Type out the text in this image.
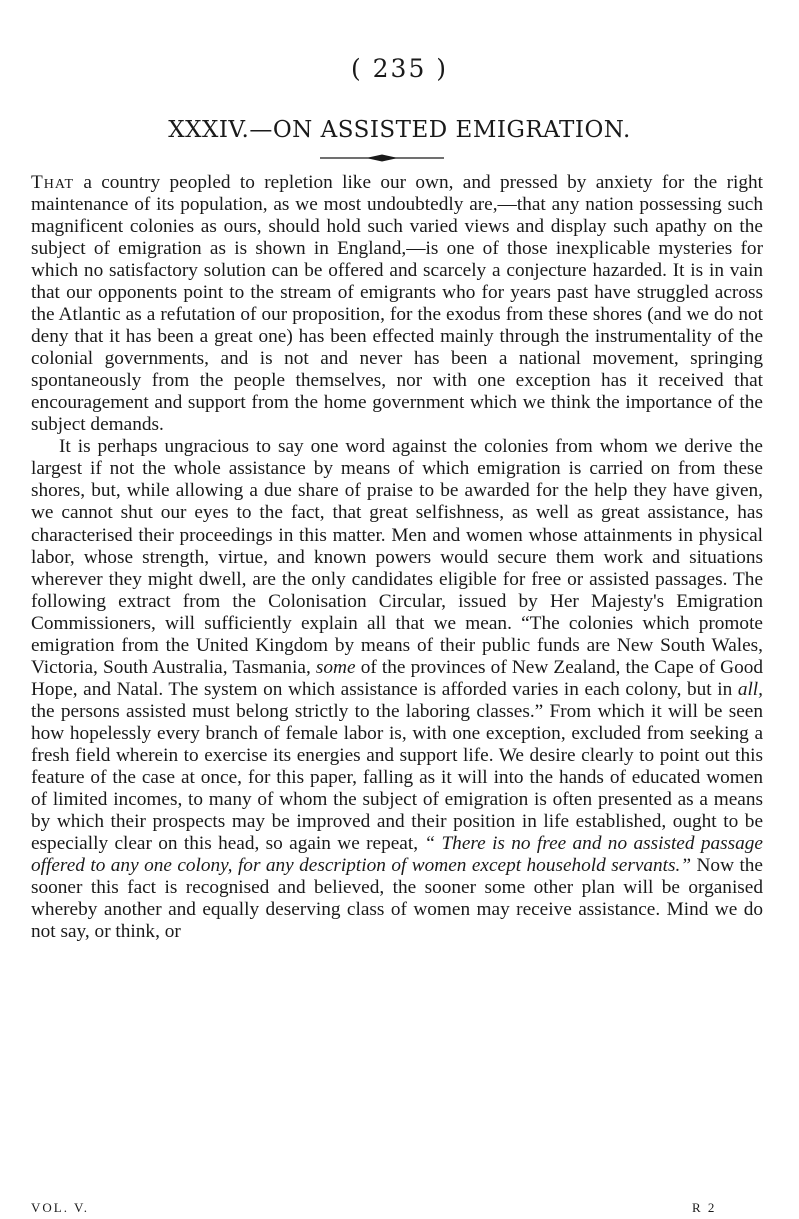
( 235 )
XXXIV.—ON ASSISTED EMIGRATION.

That a country peopled to repletion like our own, and pressed by anxiety for the right maintenance of its population, as we most undoubtedly are,—that any nation possessing such magnificent colonies as ours, should hold such varied views and display such apathy on the subject of emigration as is shown in England,—is one of those inexplicable mysteries for which no satisfactory solution can be offered and scarcely a conjecture hazarded. It is in vain that our opponents point to the stream of emigrants who for years past have struggled across the Atlantic as a refutation of our proposition, for the exodus from these shores (and we do not deny that it has been a great one) has been effected mainly through the instrumentality of the colonial governments, and is not and never has been a national movement, springing spontaneously from the people themselves, nor with one exception has it received that encouragement and support from the home government which we think the importance of the subject demands.

It is perhaps ungracious to say one word against the colonies from whom we derive the largest if not the whole assistance by means of which emigration is carried on from these shores, but, while allowing a due share of praise to be awarded for the help they have given, we cannot shut our eyes to the fact, that great selfishness, as well as great assistance, has characterised their proceedings in this matter. Men and women whose attainments in physical labor, whose strength, virtue, and known powers would secure them work and situations wherever they might dwell, are the only candidates eligible for free or assisted passages. The following extract from the Colonisation Circular, issued by Her Majesty's Emigration Commissioners, will sufficiently explain all that we mean. “The colonies which promote emigration from the United Kingdom by means of their public funds are New South Wales, Victoria, South Australia, Tasmania, some of the provinces of New Zealand, the Cape of Good Hope, and Natal. The system on which assistance is afforded varies in each colony, but in all, the persons assisted must belong strictly to the laboring classes.” From which it will be seen how hopelessly every branch of female labor is, with one exception, excluded from seeking a fresh field wherein to exercise its energies and support life. We desire clearly to point out this feature of the case at once, for this paper, falling as it will into the hands of educated women of limited incomes, to many of whom the subject of emigration is often presented as a means by which their prospects may be improved and their position in life established, ought to be especially clear on this head, so again we repeat, “ There is no free and no assisted passage offered to any one colony, for any description of women except household servants.” Now the sooner this fact is recognised and believed, the sooner some other plan will be organised whereby another and equally deserving class of women may receive assistance. Mind we do not say, or think, or

VOL. V.	R 2
